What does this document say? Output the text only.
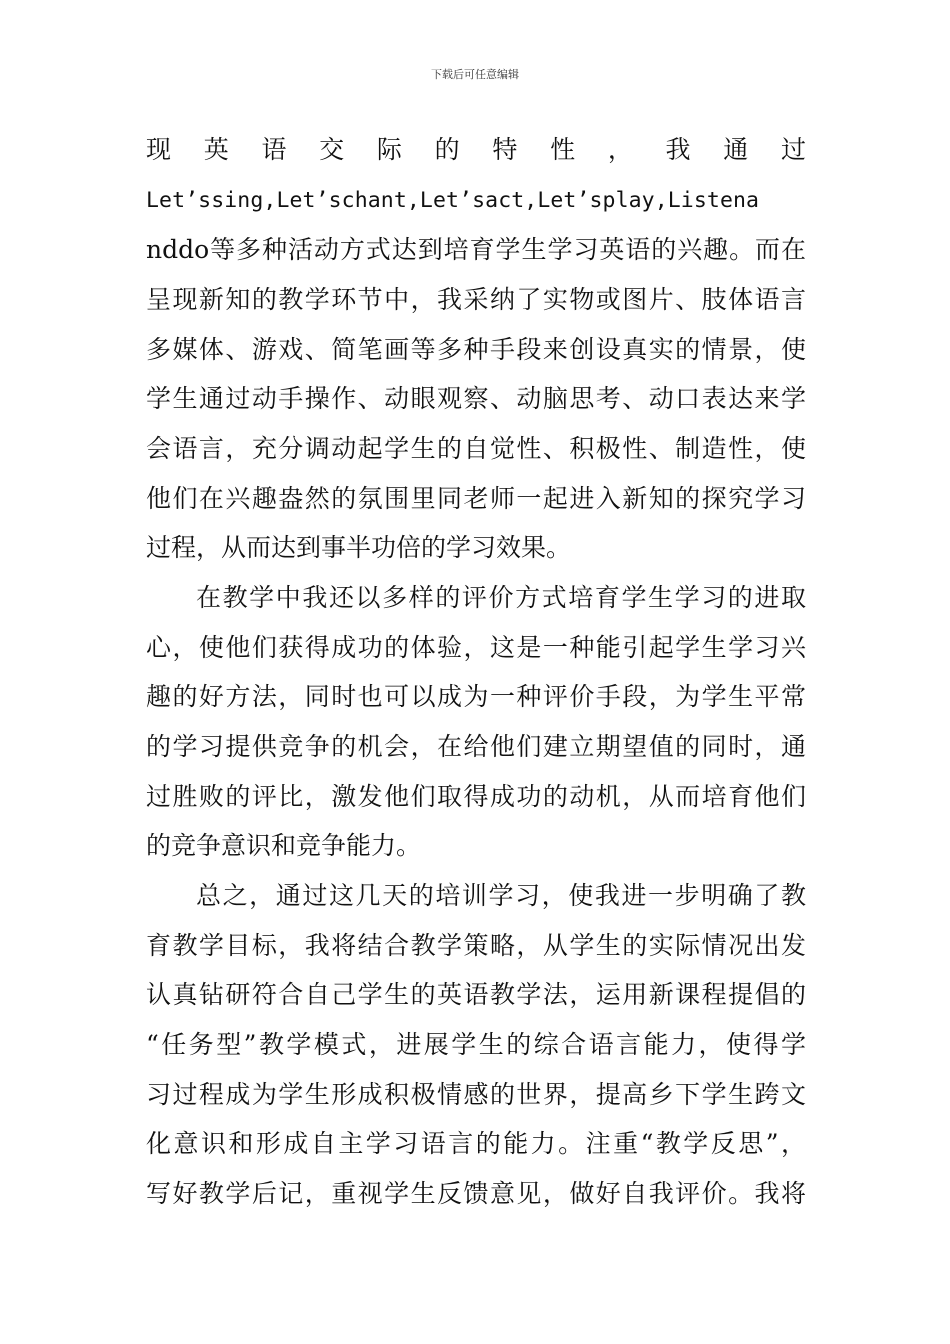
下载后可任意编辑
现 英 语 交 际 的 特 性 ， 我 通 过
Let’ssing,Let’schant,Let’sact,Let’splay,Listena
nddo等多种活动方式达到培育学生学习英语的兴趣。而在
呈现新知的教学环节中，我采纳了实物或图片、肢体语言
多媒体、游戏、简笔画等多种手段来创设真实的情景，使
学生通过动手操作、动眼观察、动脑思考、动口表达来学
会语言，充分调动起学生的自觉性、积极性、制造性，使
他们在兴趣盎然的氛围里同老师一起进入新知的探究学习
过程，从而达到事半功倍的学习效果。
在教学中我还以多样的评价方式培育学生学习的进取
心，使他们获得成功的体验，这是一种能引起学生学习兴
趣的好方法，同时也可以成为一种评价手段，为学生平常
的学习提供竞争的机会，在给他们建立期望值的同时，通
过胜败的评比，激发他们取得成功的动机，从而培育他们
的竞争意识和竞争能力。
总之，通过这几天的培训学习，使我进一步明确了教
育教学目标，我将结合教学策略，从学生的实际情况出发
认真钻研符合自己学生的英语教学法，运用新课程提倡的
“任务型”教学模式，进展学生的综合语言能力，使得学
习过程成为学生形成积极情感的世界，提高乡下学生跨文
化意识和形成自主学习语言的能力。注重“教学反思”，
写好教学后记，重视学生反馈意见，做好自我评价。我将
